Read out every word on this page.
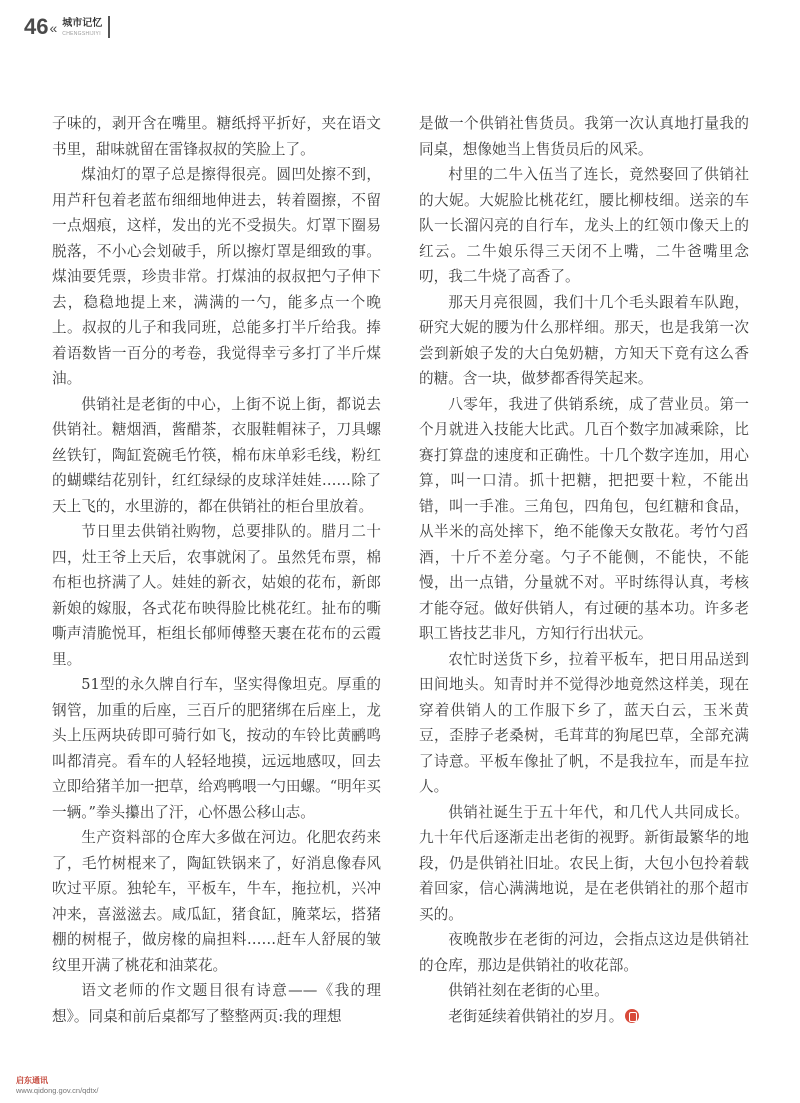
46 « 城市记忆
CHENGSHIJIYI

子味的，剥开含在嘴里。糖纸捋平折好，夹在语文书里，甜味就留在雷锋叔叔的笑脸上了。

煤油灯的罩子总是擦得很亮。圆凹处擦不到，用芦秆包着老蓝布细细地伸进去，转着圈擦，不留一点烟痕，这样，发出的光不受损失。灯罩下圈易脱落，不小心会划破手，所以擦灯罩是细致的事。煤油要凭票，珍贵非常。打煤油的叔叔把勺子伸下去，稳稳地提上来，满满的一勺，能多点一个晚上。叔叔的儿子和我同班，总能多打半斤给我。捧着语数皆一百分的考卷，我觉得幸亏多打了半斤煤油。

供销社是老街的中心，上街不说上街，都说去供销社。糖烟酒，酱醋茶，衣服鞋帽袜子，刀具螺丝铁钉，陶缸瓷碗毛竹筷，棉布床单彩毛线，粉红的蝴蝶结花别针，红红绿绿的皮球洋娃娃……除了天上飞的，水里游的，都在供销社的柜台里放着。

节日里去供销社购物，总要排队的。腊月二十四，灶王爷上天后，农事就闲了。虽然凭布票，棉布柜也挤满了人。娃娃的新衣，姑娘的花布，新郎新娘的嫁服，各式花布映得脸比桃花红。扯布的嘶嘶声清脆悦耳，柜组长郁师傅整天裹在花布的云霞里。

51型的永久牌自行车，坚实得像坦克。厚重的钢管，加重的后座，三百斤的肥猪绑在后座上，龙头上压两块砖即可骑行如飞，按动的车铃比黄鹂鸣叫都清亮。看车的人轻轻地摸，远远地感叹，回去立即给猪羊加一把草，给鸡鸭喂一勺田螺。“明年买一辆。”拳头攥出了汗，心怀愚公移山志。

生产资料部的仓库大多做在河边。化肥农药来了，毛竹树棍来了，陶缸铁锅来了，好消息像春风吹过平原。独轮车，平板车，牛车，拖拉机，兴冲冲来，喜滋滋去。咸瓜缸，猪食缸，腌菜坛，搭猪棚的树棍子，做房椽的扁担料……赶车人舒展的皱纹里开满了桃花和油菜花。

语文老师的作文题目很有诗意——《我的理想》。同桌和前后桌都写了整整两页:我的理想

是做一个供销社售货员。我第一次认真地打量我的同桌，想像她当上售货员后的风采。

村里的二牛入伍当了连长，竟然娶回了供销社的大妮。大妮脸比桃花红，腰比柳枝细。送亲的车队一长溜闪亮的自行车，龙头上的红领巾像天上的红云。二牛娘乐得三天闭不上嘴，二牛爸嘴里念叨，我二牛烧了高香了。

那天月亮很圆，我们十几个毛头跟着车队跑，研究大妮的腰为什么那样细。那天，也是我第一次尝到新娘子发的大白兔奶糖，方知天下竟有这么香的糖。含一块，做梦都香得笑起来。

八零年，我进了供销系统，成了营业员。第一个月就进入技能大比武。几百个数字加减乘除，比赛打算盘的速度和正确性。十几个数字连加，用心算，叫一口清。抓十把糖，把把要十粒，不能出错，叫一手准。三角包，四角包，包红糖和食品，从半米的高处摔下，绝不能像天女散花。考竹勺舀酒，十斤不差分毫。勺子不能侧，不能快，不能慢，出一点错，分量就不对。平时练得认真，考核才能夺冠。做好供销人，有过硬的基本功。许多老职工皆技艺非凡，方知行行出状元。

农忙时送货下乡，拉着平板车，把日用品送到田间地头。知青时并不觉得沙地竟然这样美，现在穿着供销人的工作服下乡了，蓝天白云，玉米黄豆，歪脖子老桑树，毛茸茸的狗尾巴草，全部充满了诗意。平板车像扯了帆，不是我拉车，而是车拉人。

供销社诞生于五十年代，和几代人共同成长。九十年代后逐渐走出老街的视野。新街最繁华的地段，仍是供销社旧址。农民上街，大包小包拎着载着回家，信心满满地说，是在老供销社的那个超市买的。

夜晚散步在老街的河边，会指点这边是供销社的仓库，那边是供销社的收花部。

供销社刻在老街的心里。

老街延续着供销社的岁月。

启东通讯
www.qidong.gov.cn/qdtx/
